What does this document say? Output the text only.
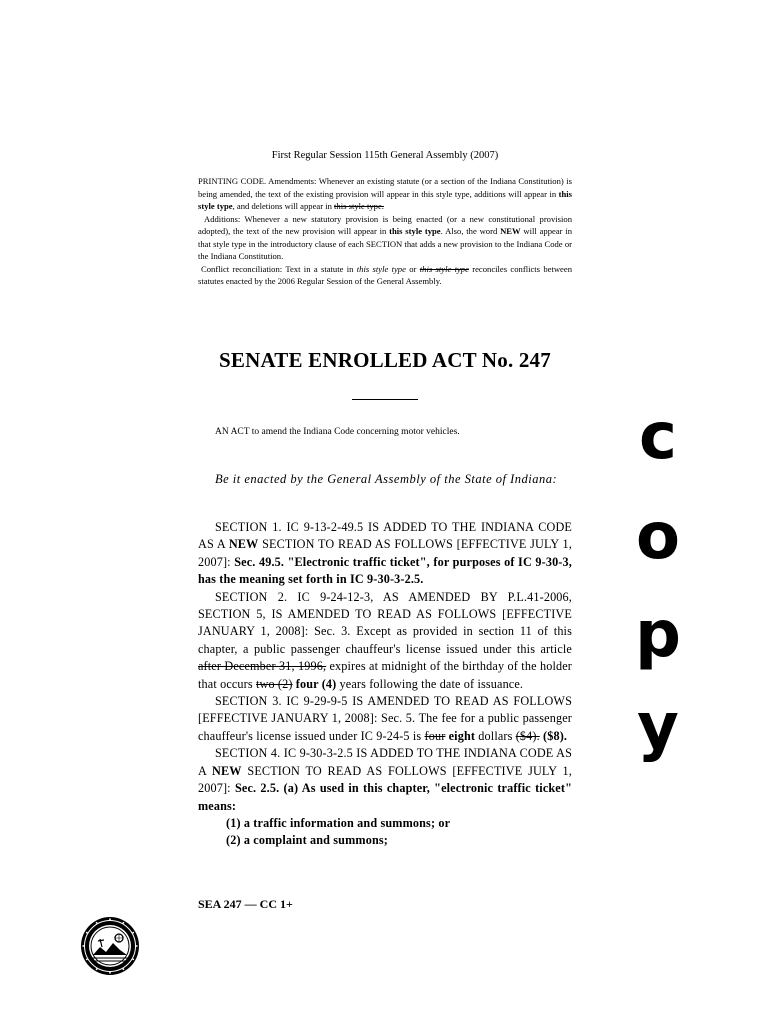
First Regular Session 115th General Assembly (2007)

PRINTING CODE. Amendments: Whenever an existing statute (or a section of the Indiana Constitution) is being amended, the text of the existing provision will appear in this style type, additions will appear in this style type, and deletions will appear in this style type.

Additions: Whenever a new statutory provision is being enacted (or a new constitutional provision adopted), the text of the new provision will appear in this style type. Also, the word NEW will appear in that style type in the introductory clause of each SECTION that adds a new provision to the Indiana Code or the Indiana Constitution.

Conflict reconciliation: Text in a statute in this style type or this style type reconciles conflicts between statutes enacted by the 2006 Regular Session of the General Assembly.

SENATE ENROLLED ACT No. 247
AN ACT to amend the Indiana Code concerning motor vehicles.
Be it enacted by the General Assembly of the State of Indiana:

SECTION 1. IC 9-13-2-49.5 IS ADDED TO THE INDIANA CODE AS A NEW SECTION TO READ AS FOLLOWS [EFFECTIVE JULY 1, 2007]: Sec. 49.5. "Electronic traffic ticket", for purposes of IC 9-30-3, has the meaning set forth in IC 9-30-3-2.5.

SECTION 2. IC 9-24-12-3, AS AMENDED BY P.L.41-2006, SECTION 5, IS AMENDED TO READ AS FOLLOWS [EFFECTIVE JANUARY 1, 2008]: Sec. 3. Except as provided in section 11 of this chapter, a public passenger chauffeur's license issued under this article after December 31, 1996, expires at midnight of the birthday of the holder that occurs two (2) four (4) years following the date of issuance.

SECTION 3. IC 9-29-9-5 IS AMENDED TO READ AS FOLLOWS [EFFECTIVE JANUARY 1, 2008]: Sec. 5. The fee for a public passenger chauffeur's license issued under IC 9-24-5 is four eight dollars ($4). ($8).

SECTION 4. IC 9-30-3-2.5 IS ADDED TO THE INDIANA CODE AS A NEW SECTION TO READ AS FOLLOWS [EFFECTIVE JULY 1, 2007]: Sec. 2.5. (a) As used in this chapter, "electronic traffic ticket" means:

(1) a traffic information and summons; or

(2) a complaint and summons;

SEA 247 — CC 1+
c
o
p
y
